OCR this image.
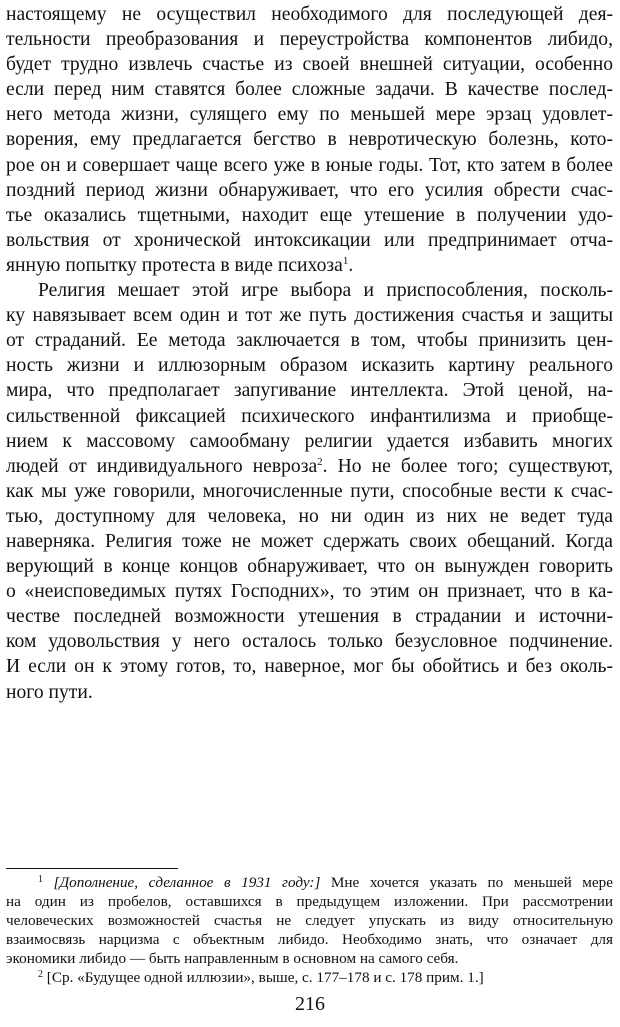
настоящему не осуществил необходимого для последующей дея-
тельности преобразования и переустройства компонентов либидо,
будет трудно извлечь счастье из своей внешней ситуации, особенно
если перед ним ставятся более сложные задачи. В качестве послед-
него метода жизни, сулящего ему по меньшей мере эрзац удовлет-
ворения, ему предлагается бегство в невротическую болезнь, кото-
рое он и совершает чаще всего уже в юные годы. Тот, кто затем в более
поздний период жизни обнаруживает, что его усилия обрести счас-
тье оказались тщетными, находит еще утешение в получении удо-
вольствия от хронической интоксикации или предпринимает отча-
янную попытку протеста в виде психоза$^1$.
Религия мешает этой игре выбора и приспособления, посколь-
ку навязывает всем один и тот же путь достижения счастья и защиты
от страданий. Ее метода заключается в том, чтобы принизить цен-
ность жизни и иллюзорным образом исказить картину реального
мира, что предполагает запугивание интеллекта. Этой ценой, на-
сильственной фиксацией психического инфантилизма и приобще-
нием к массовому самообману религии удается избавить многих
людей от индивидуального невроза$^2$. Но не более того; существуют,
как мы уже говорили, многочисленные пути, способные вести к счас-
тью, доступному для человека, но ни один из них не ведет туда
наверняка. Религия тоже не может сдержать своих обещаний. Когда
верующий в конце концов обнаруживает, что он вынужден говорить
о «неисповедимых путях Господних», то этим он признает, что в ка-
честве последней возможности утешения в страдании и источни-
ком удовольствия у него осталось только безусловное подчинение.
И если он к этому готов, то, наверное, мог бы обойтись и без околь-
ного пути.
$^1$ [Дополнение, сделанное в 1931 году:] Мне хочется указать по меньшей мере
на один из пробелов, оставшихся в предыдущем изложении. При рассмотрении
человеческих возможностей счастья не следует упускать из виду относительную
взаимосвязь нарцизма с объектным либидо. Необходимо знать, что означает для
экономики либидо — быть направленным в основном на самого себя.
$^2$ [Ср. «Будущее одной иллюзии», выше, с. 177–178 и с. 178 прим. 1.]
216
